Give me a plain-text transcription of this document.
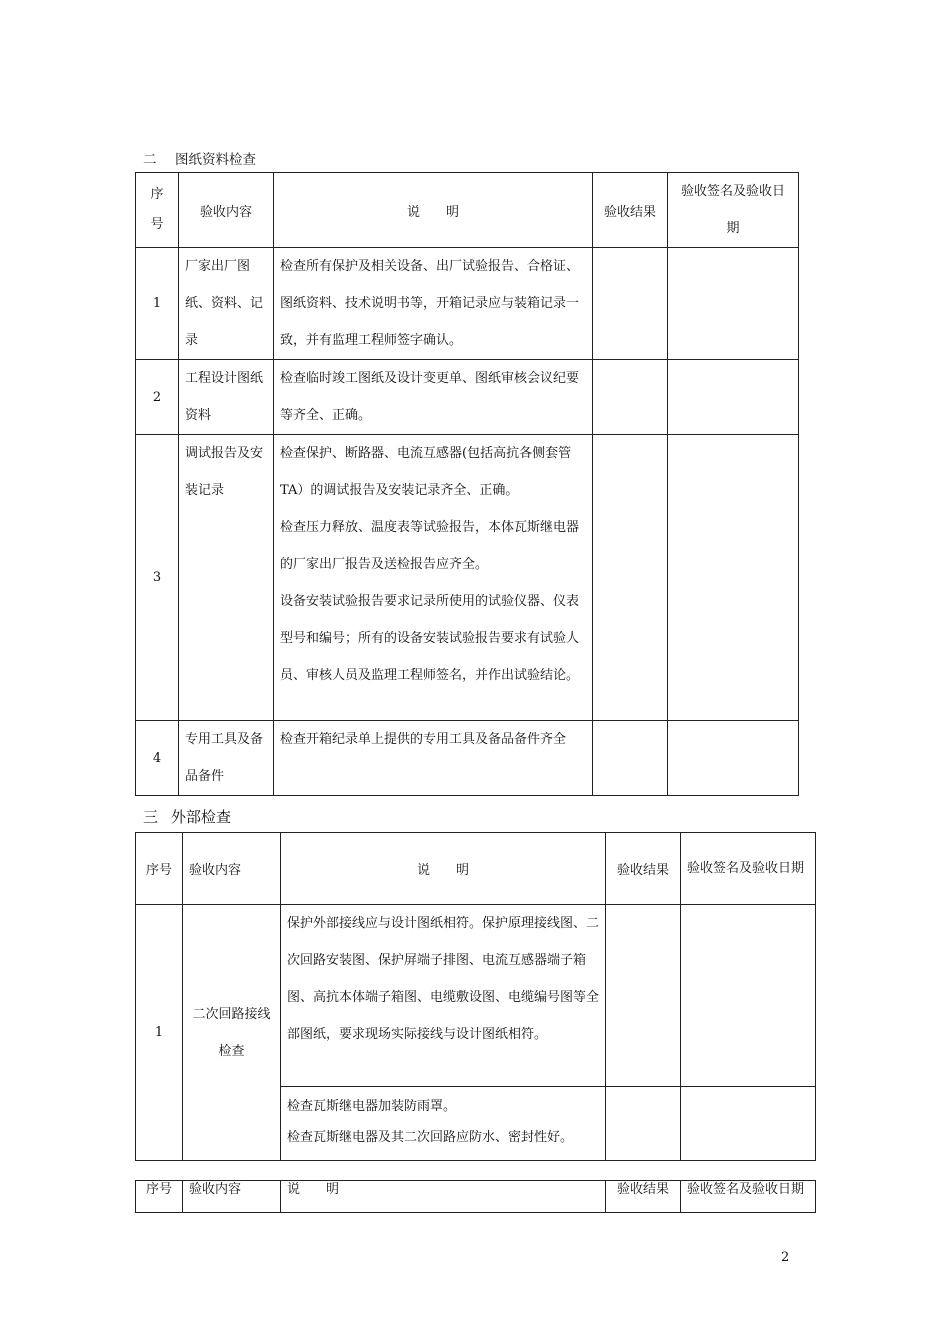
二 图纸资料检查
序号	验收内容	说　　明	验收结果	验收签名及验收日期

1	厂家出厂图纸、资料、记录	检查所有保护及相关设备、出厂试验报告、合格证、图纸资料、技术说明书等，开箱记录应与装箱记录一致，并有监理工程师签字确认。		

2	工程设计图纸资料	检查临时竣工图纸及设计变更单、图纸审核会议纪要等齐全、正确。		

3	调试报告及安装记录	检查保护、断路器、电流互感器(包括高抗各侧套管TA）的调试报告及安装记录齐全、正确。
检查压力释放、温度表等试验报告，本体瓦斯继电器的厂家出厂报告及送检报告应齐全。
设备安装试验报告要求记录所使用的试验仪器、仪表型号和编号；所有的设备安装试验报告要求有试验人员、审核人员及监理工程师签名，并作出试验结论。		

4	专用工具及备品备件	检查开箱纪录单上提供的专用工具及备品备件齐全		

三 外部检查
序号	验收内容	说　　明	验收结果	验收签名及验收日期

1	二次回路接线检查	保护外部接线应与设计图纸相符。保护原理接线图、二次回路安装图、保护屏端子排图、电流互感器端子箱图、高抗本体端子箱图、电缆敷设图、电缆编号图等全部图纸，要求现场实际接线与设计图纸相符。		

		检查瓦斯继电器加装防雨罩。
检查瓦斯继电器及其二次回路应防水、密封性好。		

序号	验收内容	说　　明	验收结果	验收签名及验收日期
2
